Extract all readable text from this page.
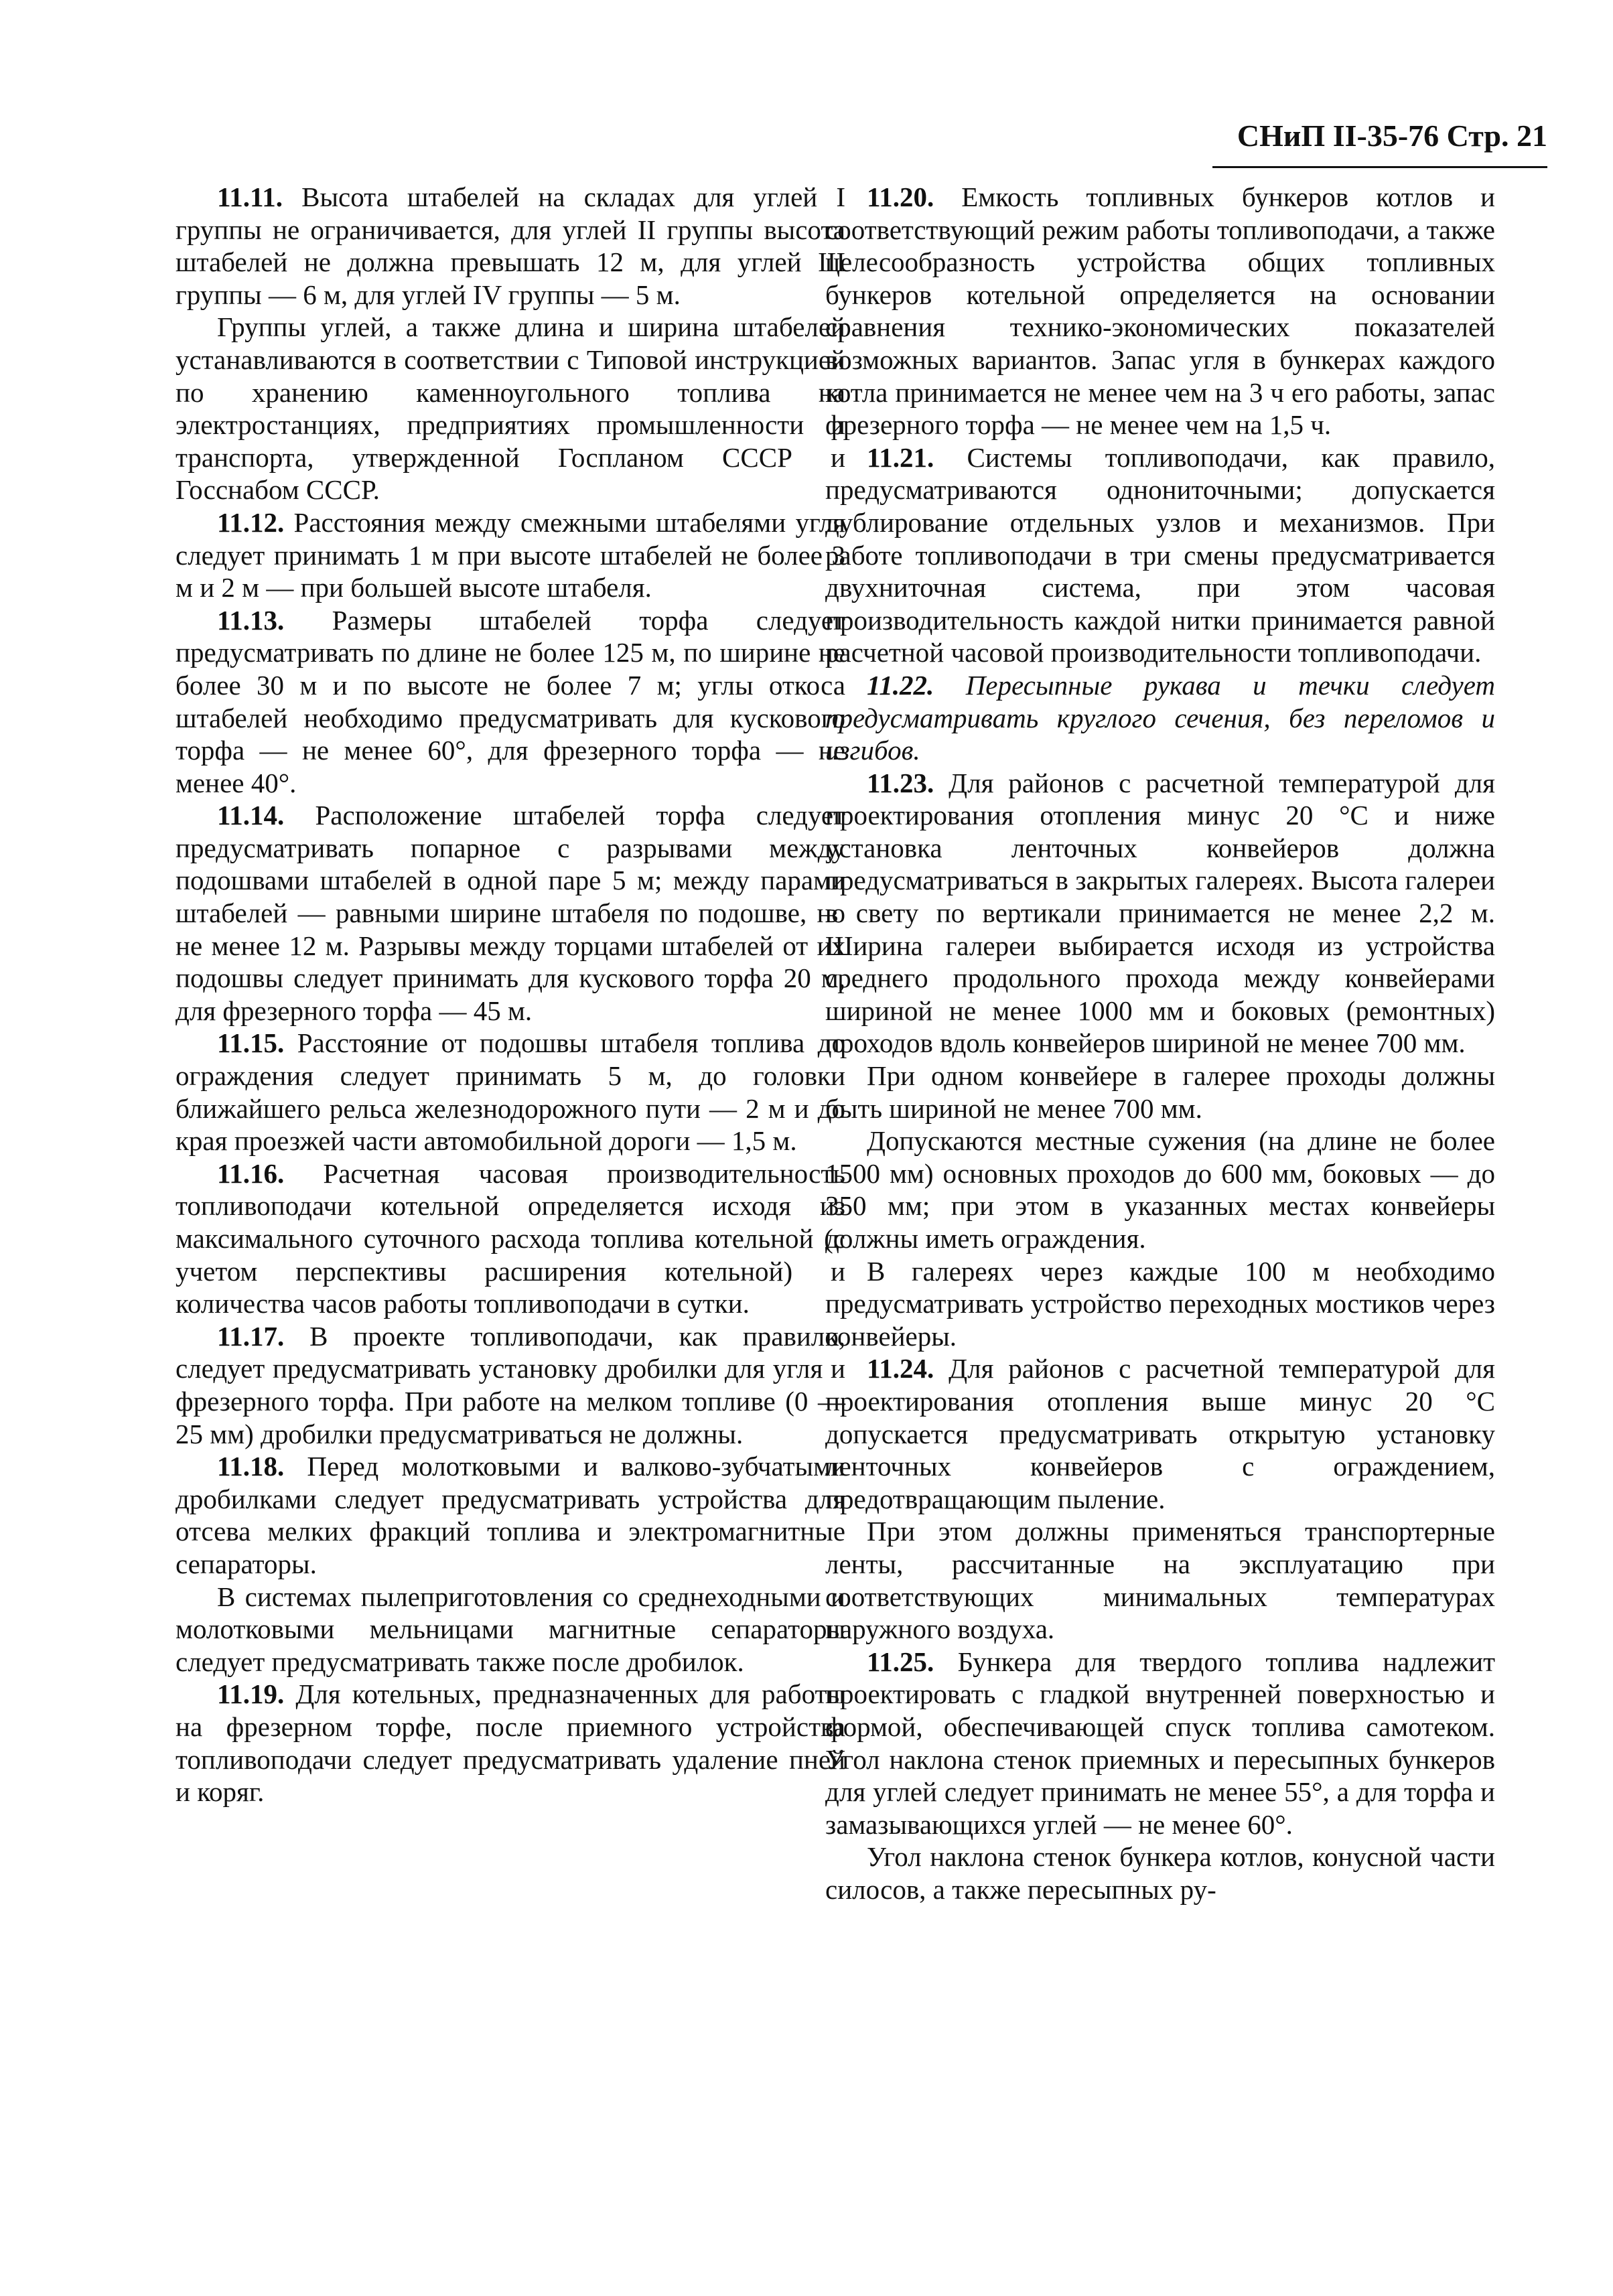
СНиП II-35-76 Стр. 21

11.11. Высота штабелей на складах для углей I группы не ограничивается, для углей II группы высота штабелей не должна превышать 12 м, для углей III группы — 6 м, для углей IV группы — 5 м.

Группы углей, а также длина и ширина штабелей устанавливаются в соответствии с Типовой инструкцией по хранению каменноугольного топлива на электростанциях, предприятиях промышленности и транспорта, утвержденной Госпланом СССР и Госснабом СССР.

11.12. Расстояния между смежными штабелями угля следует принимать 1 м при высоте штабелей не более 3 м и 2 м — при большей высоте штабеля.

11.13. Размеры штабелей торфа следует предусматривать по длине не более 125 м, по ширине не более 30 м и по высоте не более 7 м; углы откоса штабелей необходимо предусматривать для кускового торфа — не менее 60°, для фрезерного торфа — не менее 40°.

11.14. Расположение штабелей торфа следует предусматривать попарное с разрывами между подошвами штабелей в одной паре 5 м; между парами штабелей — равными ширине штабеля по подошве, но не менее 12 м. Разрывы между торцами штабелей от их подошвы следует принимать для кускового торфа 20 м, для фрезерного торфа — 45 м.

11.15. Расстояние от подошвы штабеля топлива до ограждения следует принимать 5 м, до головки ближайшего рельса железнодорожного пути — 2 м и до края проезжей части автомобильной дороги — 1,5 м.

11.16. Расчетная часовая производительность топливоподачи котельной определяется исходя из максимального суточного расхода топлива котельной (с учетом перспективы расширения котельной) и количества часов работы топливоподачи в сутки.

11.17. В проекте топливоподачи, как правило, следует предусматривать установку дробилки для угля и фрезерного торфа. При работе на мелком топливе (0 — 25 мм) дробилки предусматриваться не должны.

11.18. Перед молотковыми и валково-зубчатыми дробилками следует предусматривать устройства для отсева мелких фракций топлива и электромагнитные сепараторы.

В системах пылеприготовления со среднеходными и молотковыми мельницами магнитные сепараторы следует предусматривать также после дробилок.

11.19. Для котельных, предназначенных для работы на фрезерном торфе, после приемного устройства топливоподачи следует предусматривать удаление пней и коряг.

11.20. Емкость топливных бункеров котлов и соответствующий режим работы топливоподачи, а также целесообразность устройства общих топливных бункеров котельной определяется на основании сравнения технико-экономических показателей возможных вариантов. Запас угля в бункерах каждого котла принимается не менее чем на 3 ч его работы, запас фрезерного торфа — не менее чем на 1,5 ч.

11.21. Системы топливоподачи, как правило, предусматриваются однониточными; допускается дублирование отдельных узлов и механизмов. При работе топливоподачи в три смены предусматривается двухниточная система, при этом часовая производительность каждой нитки принимается равной расчетной часовой производительности топливоподачи.

11.22. Пересыпные рукава и течки следует предусматривать круглого сечения, без переломов и изгибов.

11.23. Для районов с расчетной температурой для проектирования отопления минус 20 °С и ниже установка ленточных конвейеров должна предусматриваться в закрытых галереях. Высота галереи в свету по вертикали принимается не менее 2,2 м. Ширина галереи выбирается исходя из устройства среднего продольного прохода между конвейерами шириной не менее 1000 мм и боковых (ремонтных) проходов вдоль конвейеров шириной не менее 700 мм.

При одном конвейере в галерее проходы должны быть шириной не менее 700 мм.

Допускаются местные сужения (на длине не более 1500 мм) основных проходов до 600 мм, боковых — до 350 мм; при этом в указанных местах конвейеры должны иметь ограждения.

В галереях через каждые 100 м необходимо предусматривать устройство переходных мостиков через конвейеры.

11.24. Для районов с расчетной температурой для проектирования отопления выше минус 20 °С допускается предусматривать открытую установку ленточных конвейеров с ограждением, предотвращающим пыление.

При этом должны применяться транспортерные ленты, рассчитанные на эксплуатацию при соответствующих минимальных температурах наружного воздуха.

11.25. Бункера для твердого топлива надлежит проектировать с гладкой внутренней поверхностью и формой, обеспечивающей спуск топлива самотеком. Угол наклона стенок приемных и пересыпных бункеров для углей следует принимать не менее 55°, а для торфа и замазывающихся углей — не менее 60°.

Угол наклона стенок бункера котлов, конусной части силосов, а также пересыпных ру-
